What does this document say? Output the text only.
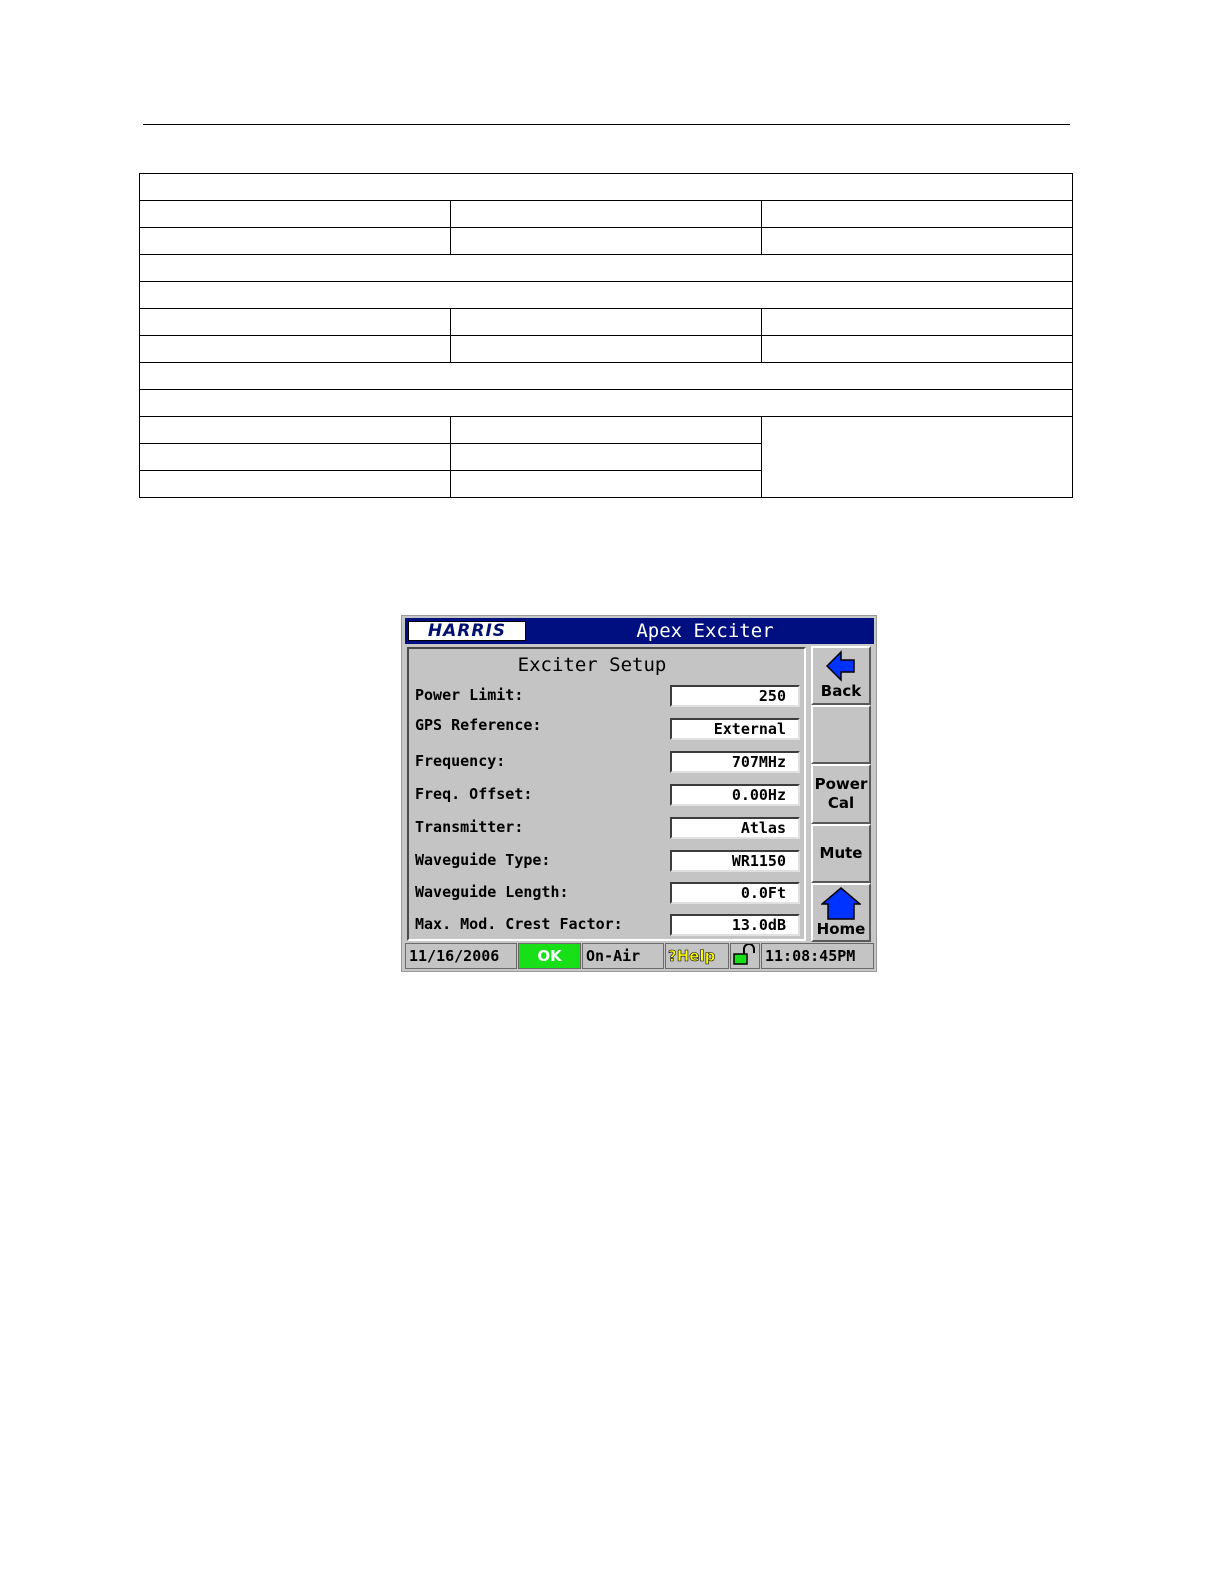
HARRIS	Apex Exciter
Exciter Setup
Power Limit:	250
GPS Reference:	External
Frequency:	707MHz
Freq. Offset:	0.00Hz
Transmitter:	Atlas
Waveguide Type:	WR1150
Waveguide Length:	0.0Ft
Max. Mod. Crest Factor:	13.0dB
Back
Power
Cal
Mute
Home
11/16/2006	OK	On-Air	?Help	11:08:45PM
